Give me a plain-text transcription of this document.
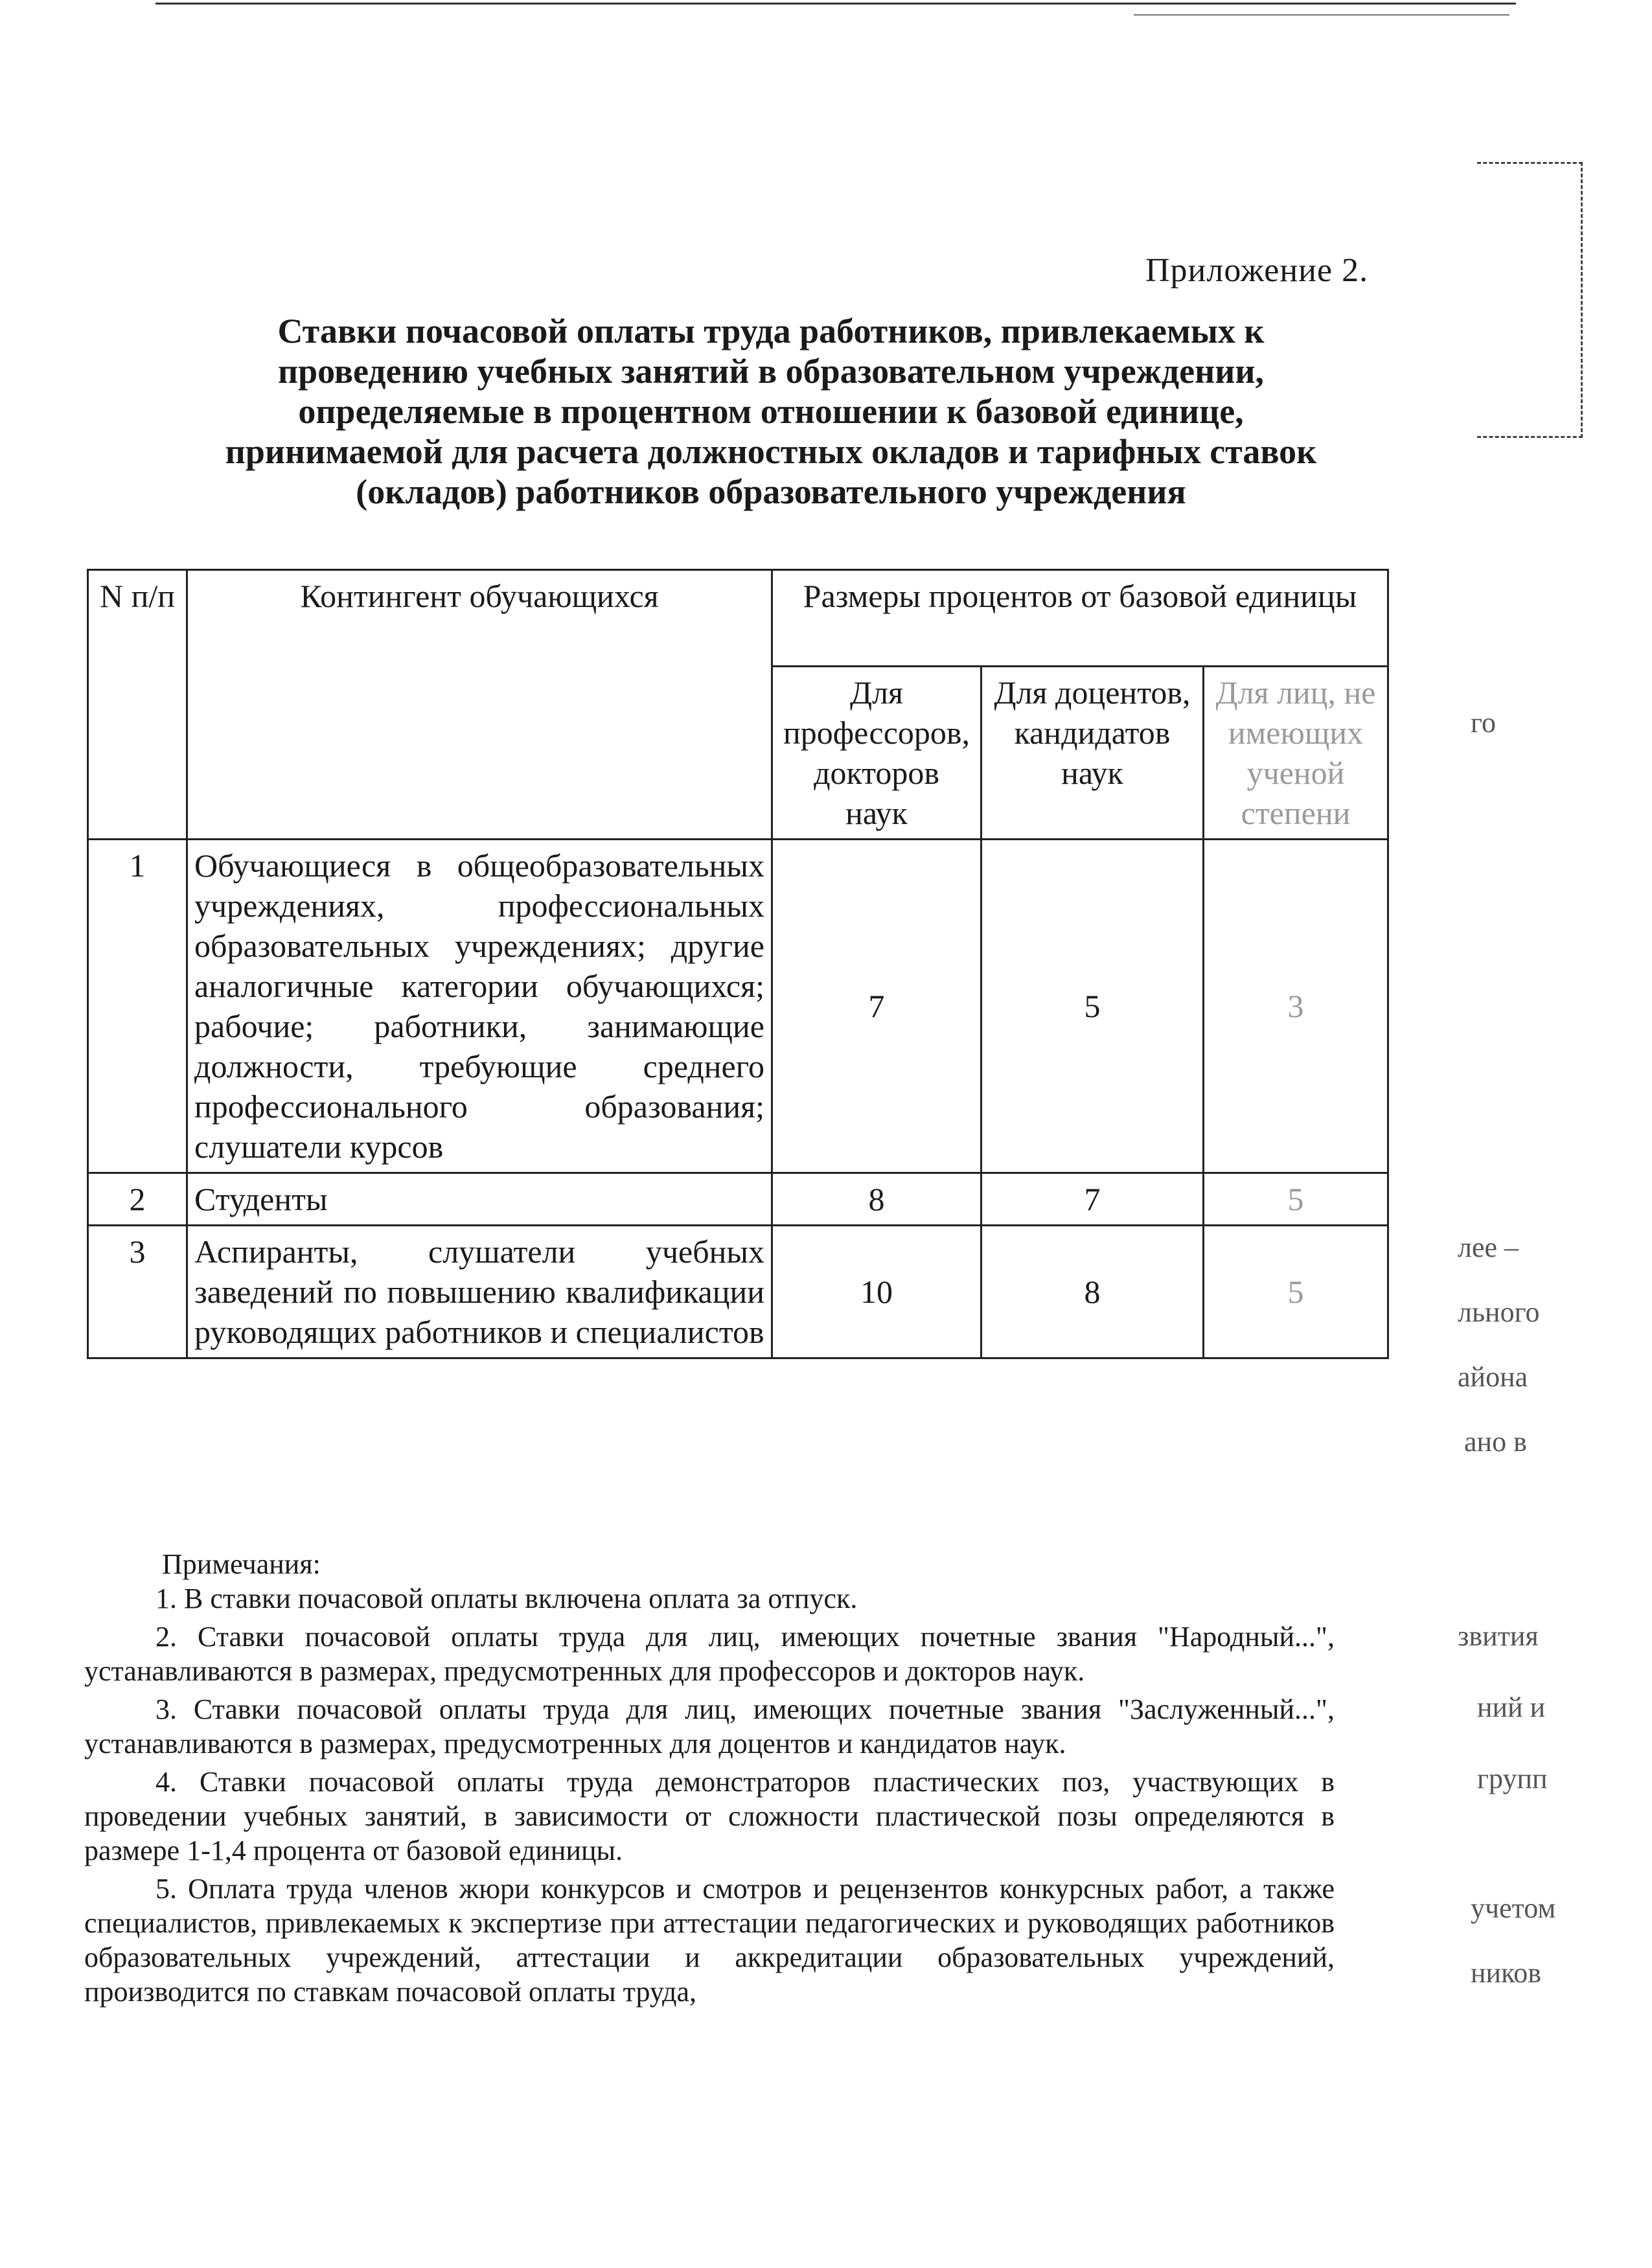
Приложение 2.
Ставки почасовой оплаты труда работников, привлекаемых к
проведению учебных занятий в образовательном учреждении,
определяемые в процентном отношении к базовой единице,
принимаемой для расчета должностных окладов и тарифных ставок
(окладов) работников образовательного учреждения
N п/п	Контингент обучающихся	Размеры процентов от базовой единицы		
		Для профессоров, докторов наук	Для доцентов, кандидатов наук	Для лиц, не имеющих ученой степени
1	Обучающиеся в общеобразовательных учреждениях, профессиональных образовательных учреждениях; другие аналогичные категории обучающихся; рабочие; работники, занимающие должности, требующие среднего профессионального образования; слушатели курсов	7	5	3
2	Студенты	8	7	5
3	Аспиранты, слушатели учебных заведений по повышению квалификации руководящих работников и специалистов	10	8	5
Примечания:

1. В ставки почасовой оплаты включена оплата за отпуск.

2. Ставки почасовой оплаты труда для лиц, имеющих почетные звания "Народный...", устанавливаются в размерах, предусмотренных для профессоров и докторов наук.

3. Ставки почасовой оплаты труда для лиц, имеющих почетные звания "Заслуженный...", устанавливаются в размерах, предусмотренных для доцентов и кандидатов наук.

4. Ставки почасовой оплаты труда демонстраторов пластических поз, участвующих в проведении учебных занятий, в зависимости от сложности пластической позы определяются в размере 1-1,4 процента от базовой единицы.

5. Оплата труда членов жюри конкурсов и смотров и рецензентов конкурсных работ, а также специалистов, привлекаемых к экспертизе при аттестации педагогических и руководящих работников образовательных учреждений, аттестации и аккредитации образовательных учреждений, производится по ставкам почасовой оплаты труда,

го
лее –
льного
айона
ано в
звития
ний и
групп
учетом
ников
